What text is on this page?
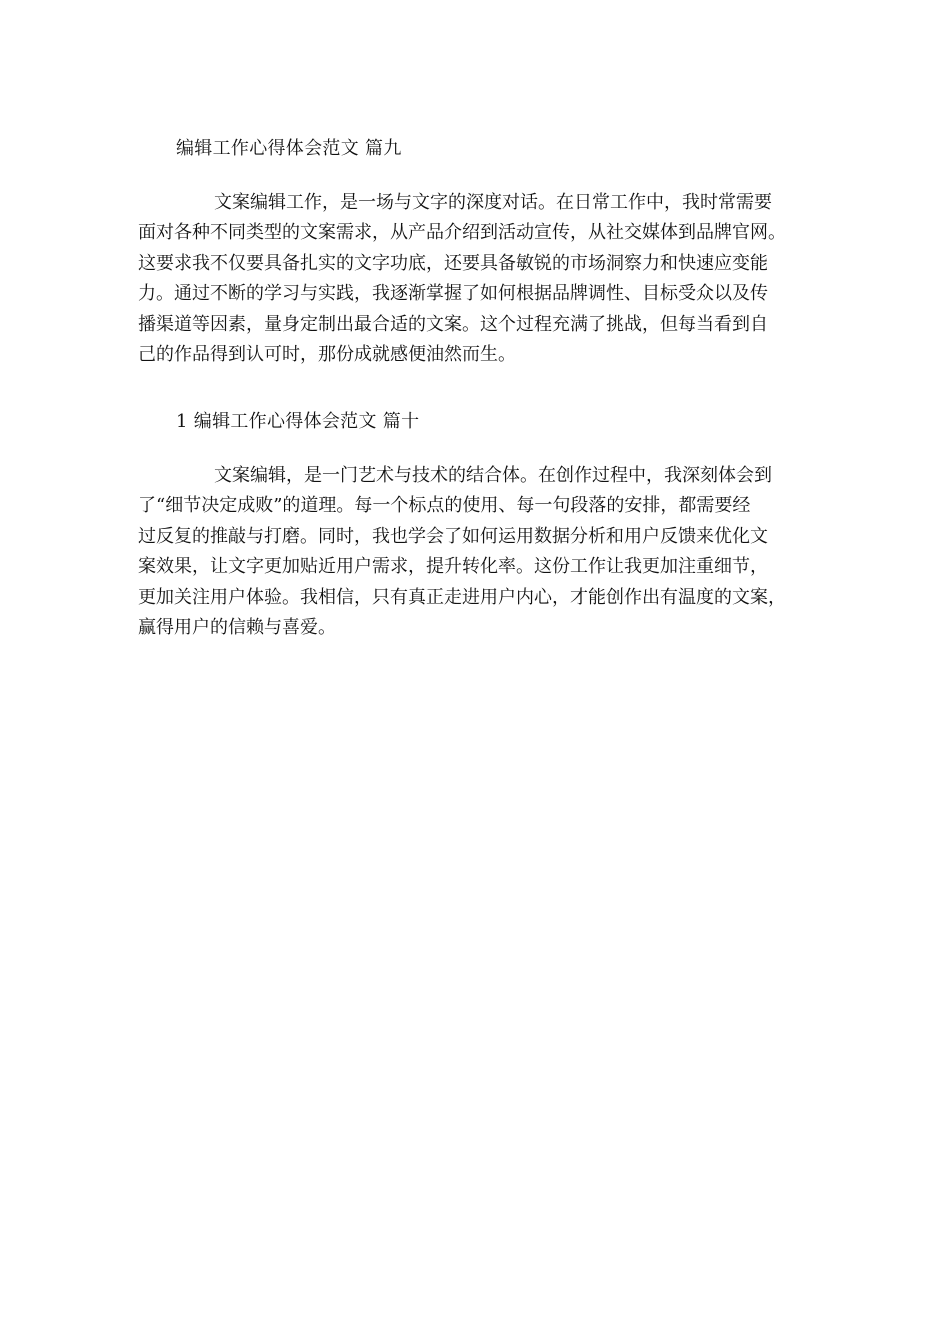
编辑工作心得体会范文 篇九
文案编辑工作，是一场与文字的深度对话。在日常工作中，我时常需要
面对各种不同类型的文案需求，从产品介绍到活动宣传，从社交媒体到品牌官网。
这要求我不仅要具备扎实的文字功底，还要具备敏锐的市场洞察力和快速应变能
力。通过不断的学习与实践，我逐渐掌握了如何根据品牌调性、目标受众以及传
播渠道等因素，量身定制出最合适的文案。这个过程充满了挑战，但每当看到自
己的作品得到认可时，那份成就感便油然而生。
1 编辑工作心得体会范文 篇十
文案编辑，是一门艺术与技术的结合体。在创作过程中，我深刻体会到
了“细节决定成败”的道理。每一个标点的使用、每一句段落的安排，都需要经
过反复的推敲与打磨。同时，我也学会了如何运用数据分析和用户反馈来优化文
案效果，让文字更加贴近用户需求，提升转化率。这份工作让我更加注重细节，
更加关注用户体验。我相信，只有真正走进用户内心，才能创作出有温度的文案，
赢得用户的信赖与喜爱。
